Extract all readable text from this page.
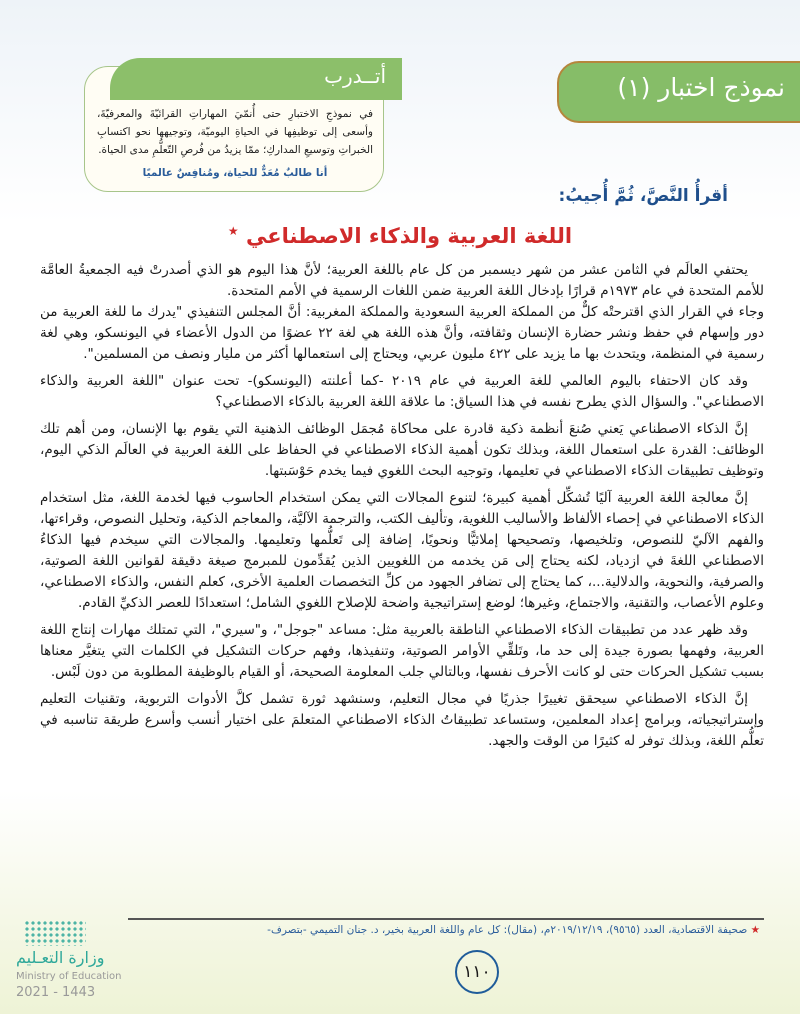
في نموذجِ الاختبارِ حتى أُنمّيَ المهاراتِ القرائيّةَ والمعرفيّةَ، وأسعى إلى توظيفِها في الحياةِ اليوميّة، وتوجيهها نحو اكتسابِ الخبراتِ وتوسيعِ المداركِ؛ ممّا يزيدُ من فُرصِ التّعلُّمِ مدى الحياة.
أنا طالبٌ مُعَدٌّ للحياة، ومُنافِسٌ عالميًا
أتــدرب	نموذج اختبار (١)
أقرأُ النَّصَّ، ثُمَّ أُجيبُ:
اللغة العربية والذكاء الاصطناعي ★

يحتفي العالَم في الثامن عشر من شهر ديسمبر من كل عام باللغة العربية؛ لأنَّ هذا اليوم هو الذي أصدرتْ فيه الجمعيةُ العامَّة للأمم المتحدة في عام ١٩٧٣م قرارًا بإدخال اللغة العربية ضمن اللغات الرسمية في الأمم المتحدة.

وجاء في القرار الذي اقترحتْه كلٌّ من المملكة العربية السعودية والمملكة المغربية: أنَّ المجلس التنفيذي "يدرك ما للغة العربية من دور وإسهام في حفظ ونشر حضارة الإنسان وثقافته، وأنَّ هذه اللغة هي لغة ٢٢ عضوًا من الدول الأعضاء في اليونسكو، وهي لغة رسمية في المنظمة، ويتحدث بها ما يزيد على ٤٢٢ مليون عربي، ويحتاج إلى استعمالها أكثر من مليار ونصف من المسلمين".

وقد كان الاحتفاء باليوم العالمي للغة العربية في عام ٢٠١٩ -كما أعلنته (اليونسكو)- تحت عنوان "اللغة العربية والذكاء الاصطناعي". والسؤال الذي يطرح نفسه في هذا السياق: ما علاقة اللغة العربية بالذكاء الاصطناعي؟

إنَّ الذكاء الاصطناعي يَعني صُنعَ أنظمة ذكية قادرة على محاكاة مُجمَل الوظائف الذهنية التي يقوم بها الإنسان، ومن أهم تلك الوظائف: القدرة على استعمال اللغة، وبذلك تكون أهمية الذكاء الاصطناعي في الحفاظ على اللغة العربية في العالَم الذكي اليوم، وتوظيف تطبيقات الذكاء الاصطناعي في تعليمها، وتوجيه البحث اللغوي فيما يخدم حَوْسَبتها.

إنَّ معالجة اللغة العربية آليًا تُشكِّل أهمية كبيرة؛ لتنوع المجالات التي يمكن استخدام الحاسوب فيها لخدمة اللغة، مثل استخدام الذكاء الاصطناعي في إحصاء الألفاظ والأساليب اللغوية، وتأليف الكتب، والترجمة الآليَّة، والمعاجم الذكية، وتحليل النصوص، وقراءتها، والفهم الآليّ للنصوص، وتلخيصها، وتصحيحها إملائيًّا ونحويًا، إضافة إلى تَعلُّمها وتعليمها. والمجالات التي سيخدم فيها الذكاءُ الاصطناعي اللغةَ في ازدياد، لكنه يحتاج إلى مَن يخدمه من اللغويين الذين يُقدِّمون للمبرمج صيغة دقيقة لقوانين اللغة الصوتية، والصرفية، والنحوية، والدلالية...، كما يحتاج إلى تضافر الجهود من كلِّ التخصصات العلمية الأخرى، كعلم النفس، والذكاء الاصطناعي، وعلوم الأعصاب، والتقنية، والاجتماع، وغيرها؛ لوضع إستراتيجية واضحة للإصلاح اللغوي الشامل؛ استعدادًا للعصر الذكيِّ القادم.

وقد ظهر عدد من تطبيقات الذكاء الاصطناعي الناطقة بالعربية مثل: مساعد "جوجل"، و"سيري"، التي تمتلك مهارات إنتاج اللغة العربية، وفهمها بصورة جيدة إلى حد ما، وتَلقِّي الأوامر الصوتية، وتنفيذها، وفهم حركات التشكيل في الكلمات التي يتغيَّر معناها بسبب تشكيل الحركات حتى لو كانت الأحرف نفسها، وبالتالي جلب المعلومة الصحيحة، أو القيام بالوظيفة المطلوبة من دون لَبْس.

إنَّ الذكاء الاصطناعي سيحقق تغييرًا جذريًا في مجال التعليم، وسنشهد ثورة تشمل كلَّ الأدوات التربوية، وتقنيات التعليم وإستراتيجياته، وبرامج إعداد المعلمين، وستساعد تطبيقاتُ الذكاء الاصطناعي المتعلمَ على اختيار أنسب وأسرع طريقة تناسبه في تعلُّم اللغة، وبذلك توفر له كثيرًا من الوقت والجهد.

★ صحيفة الاقتصادية، العدد (٩٥٦٥)، ٢٠١٩/١٢/١٩م، (مقال): كل عام واللغة العربية بخير، د. جنان التميمي -بتصرف-
وزارة التعـليم
Ministry of Education
2021 - 1443
١١٠
